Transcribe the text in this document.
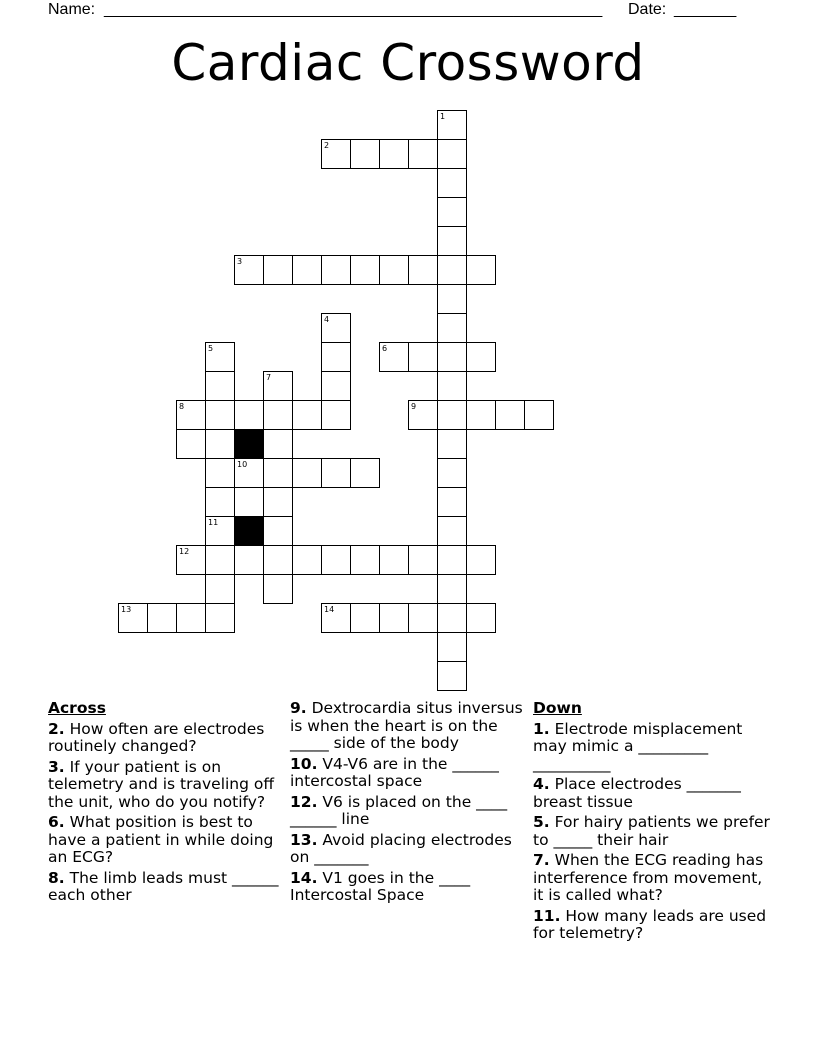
Name: ________________________________________________________ Date: _______
Cardiac Crossword
1
2
3
4
5
11
6
7
8	9
10
12
13	14
Across
2. How often are electrodes routinely changed?
3. If your patient is on telemetry and is traveling off the unit, who do you notify?
6. What position is best to have a patient in while doing an ECG?
8. The limb leads must ______ each other
9. Dextrocardia situs inversus is when the heart is on the _____ side of the body
10. V4-V6 are in the ______ intercostal space
12. V6 is placed on the ____ ______ line
13. Avoid placing electrodes on _______
14. V1 goes in the ____ Intercostal Space
Down
1. Electrode misplacement may mimic a _________ __________
4. Place electrodes _______ breast tissue
5. For hairy patients we prefer to _____ their hair
7. When the ECG reading has interference from movement, it is called what?
11. How many leads are used for telemetry?
